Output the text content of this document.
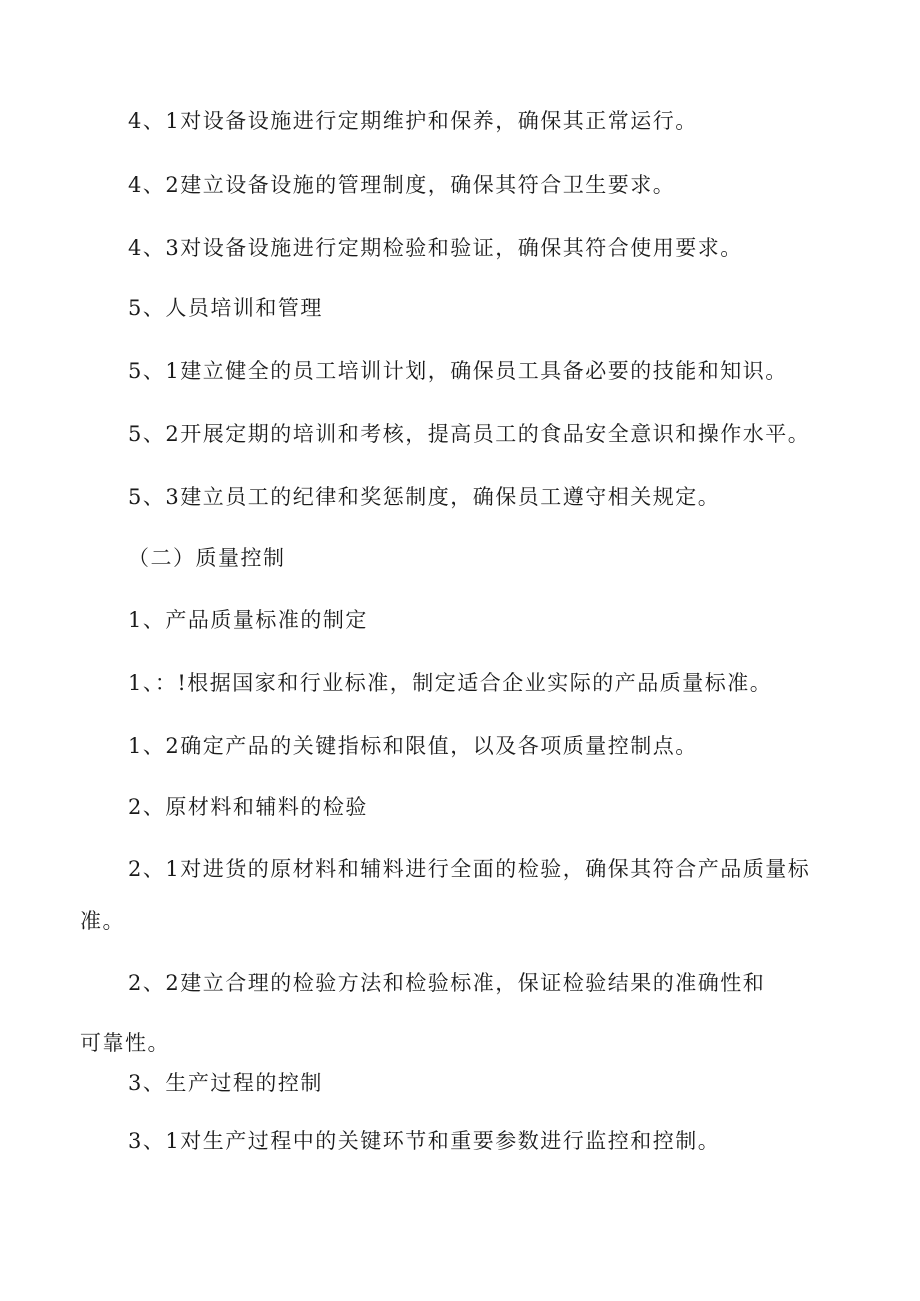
4、1对设备设施进行定期维护和保养，确保其正常运行。

4、2建立设备设施的管理制度，确保其符合卫生要求。

4、3对设备设施进行定期检验和验证，确保其符合使用要求。

5、人员培训和管理

5、1建立健全的员工培训计划，确保员工具备必要的技能和知识。

5、2开展定期的培训和考核，提高员工的食品安全意识和操作水平。

5、3建立员工的纪律和奖惩制度，确保员工遵守相关规定。

（二）质量控制

1、产品质量标准的制定

1、：!根据国家和行业标准，制定适合企业实际的产品质量标准。

1、2确定产品的关键指标和限值，以及各项质量控制点。

2、原材料和辅料的检验

2、1对进货的原材料和辅料进行全面的检验，确保其符合产品质量标

准。

2、2建立合理的检验方法和检验标准，保证检验结果的准确性和

可靠性。

3、生产过程的控制

3、1对生产过程中的关键环节和重要参数进行监控和控制。
